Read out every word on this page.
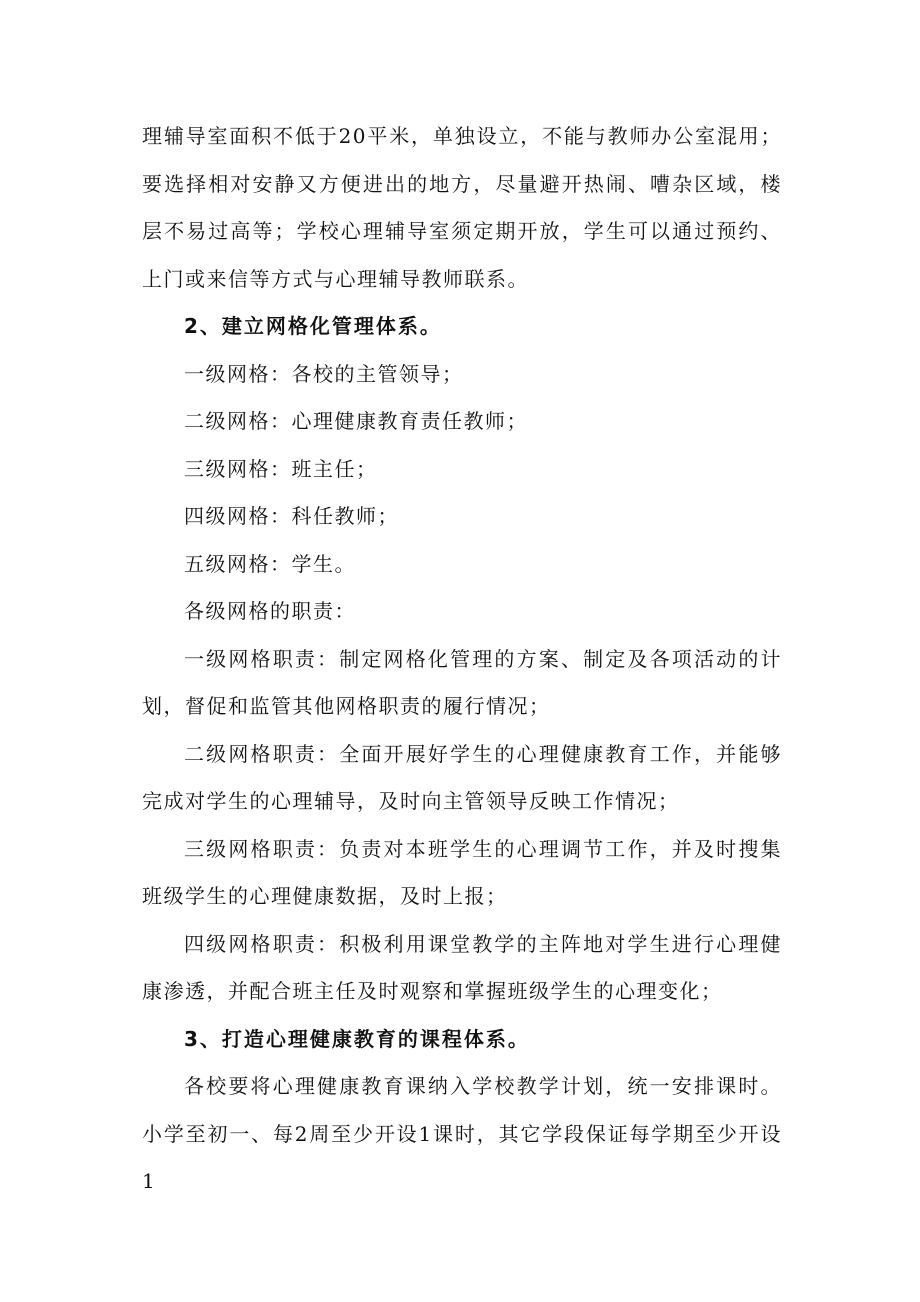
理辅导室面积不低于20平米，单独设立，不能与教师办公室混用；要选择相对安静又方便进出的地方，尽量避开热闹、嘈杂区域，楼层不易过高等；学校心理辅导室须定期开放，学生可以通过预约、上门或来信等方式与心理辅导教师联系。

2、建立网格化管理体系。

一级网格：各校的主管领导；

二级网格：心理健康教育责任教师；

三级网格：班主任；

四级网格：科任教师；

五级网格：学生。

各级网格的职责：

一级网格职责：制定网格化管理的方案、制定及各项活动的计划，督促和监管其他网格职责的履行情况；

二级网格职责：全面开展好学生的心理健康教育工作，并能够完成对学生的心理辅导，及时向主管领导反映工作情况；

三级网格职责：负责对本班学生的心理调节工作，并及时搜集班级学生的心理健康数据，及时上报；

四级网格职责：积极利用课堂教学的主阵地对学生进行心理健康渗透，并配合班主任及时观察和掌握班级学生的心理变化；

3、打造心理健康教育的课程体系。

各校要将心理健康教育课纳入学校教学计划，统一安排课时。小学至初一、每2周至少开设1课时，其它学段保证每学期至少开设1
